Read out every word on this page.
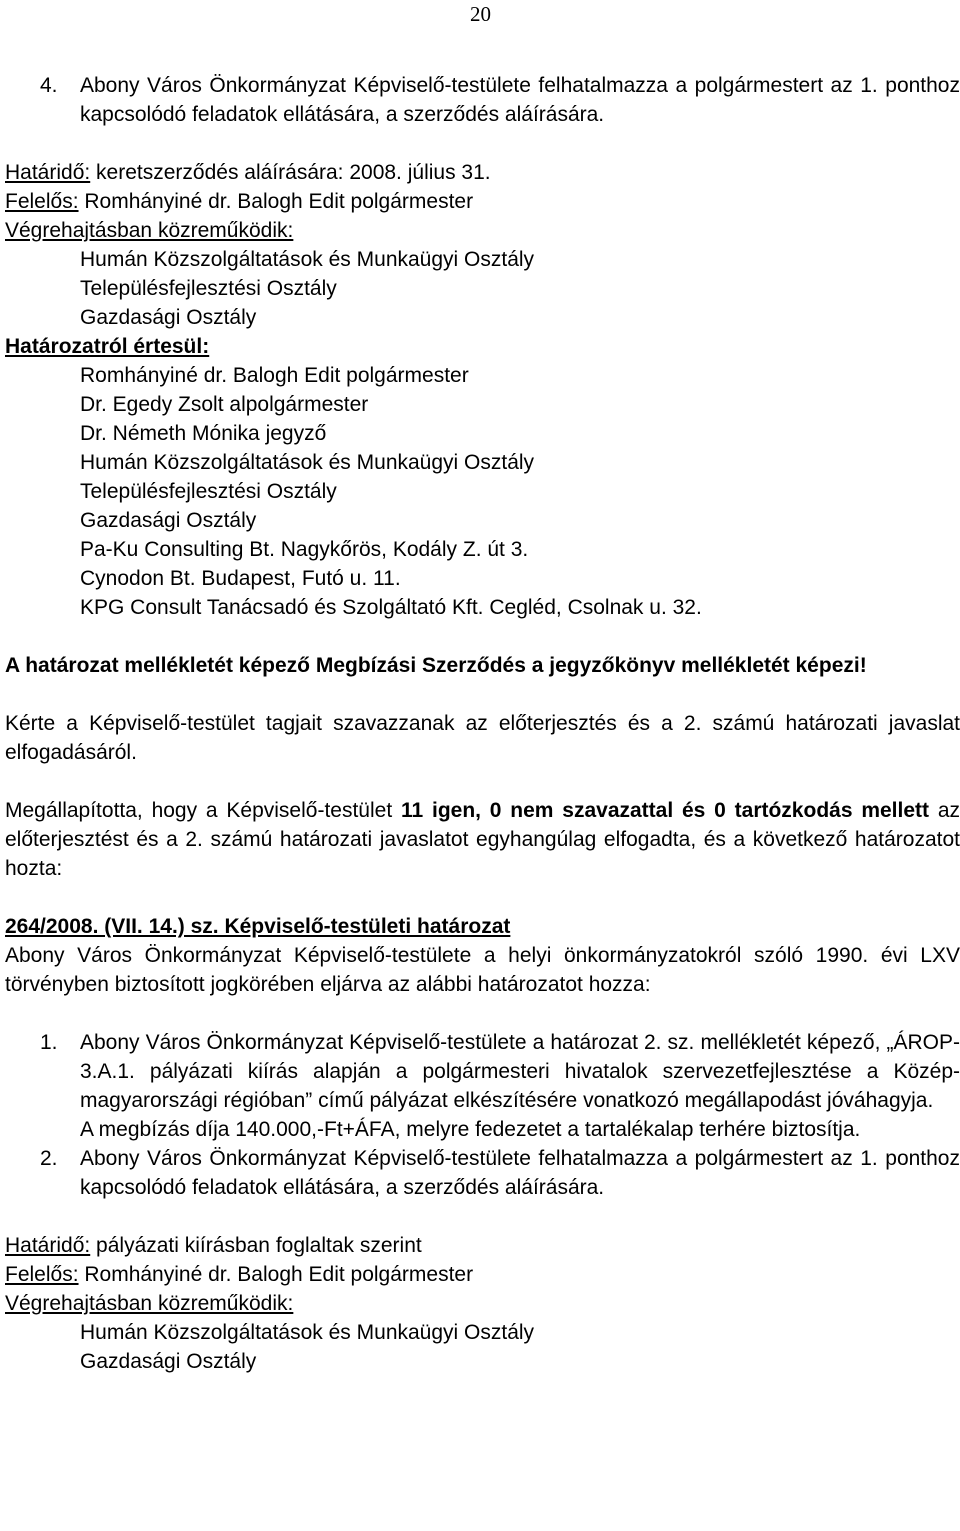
20
4.	Abony Város Önkormányzat Képviselő-testülete felhatalmazza a polgármestert az 1. ponthoz kapcsolódó feladatok ellátására, a szerződés aláírására.

Határidő: keretszerződés aláírására: 2008. július 31.

Felelős: Romhányiné dr. Balogh Edit polgármester

Végrehajtásban közreműködik:

Humán Közszolgáltatások és Munkaügyi Osztály

Településfejlesztési Osztály

Gazdasági Osztály

Határozatról értesül:

Romhányiné dr. Balogh Edit polgármester

Dr. Egedy Zsolt alpolgármester

Dr. Németh Mónika jegyző

Humán Közszolgáltatások és Munkaügyi Osztály

Településfejlesztési Osztály

Gazdasági Osztály

Pa-Ku Consulting Bt. Nagykőrös, Kodály Z. út 3.

Cynodon Bt. Budapest, Futó u. 11.

KPG Consult Tanácsadó és Szolgáltató Kft. Cegléd, Csolnak u. 32.

A határozat mellékletét képező Megbízási Szerződés a jegyzőkönyv mellékletét képezi!

Kérte a Képviselő-testület tagjait szavazzanak az előterjesztés és a 2. számú határozati javaslat elfogadásáról.

Megállapította, hogy a Képviselő-testület 11 igen, 0 nem szavazattal és 0 tartózkodás mellett az előterjesztést és a 2. számú határozati javaslatot egyhangúlag elfogadta, és a következő határozatot hozta:

264/2008. (VII. 14.) sz. Képviselő-testületi határozat

Abony Város Önkormányzat Képviselő-testülete a helyi önkormányzatokról szóló 1990. évi LXV törvényben biztosított jogkörében eljárva az alábbi határozatot hozza:

1.	Abony Város Önkormányzat Képviselő-testülete a határozat 2. sz. mellékletét képező, „ÁROP-3.A.1. pályázati kiírás alapján a polgármesteri hivatalok szervezetfejlesztése a Közép-magyarországi régióban” című pályázat elkészítésére vonatkozó megállapodást jóváhagyja.
A megbízás díja 140.000,-Ft+ÁFA, melyre fedezetet a tartalékalap terhére biztosítja.
2.	Abony Város Önkormányzat Képviselő-testülete felhatalmazza a polgármestert az 1. ponthoz kapcsolódó feladatok ellátására, a szerződés aláírására.

Határidő: pályázati kiírásban foglaltak szerint

Felelős: Romhányiné dr. Balogh Edit polgármester

Végrehajtásban közreműködik:

Humán Közszolgáltatások és Munkaügyi Osztály

Gazdasági Osztály
